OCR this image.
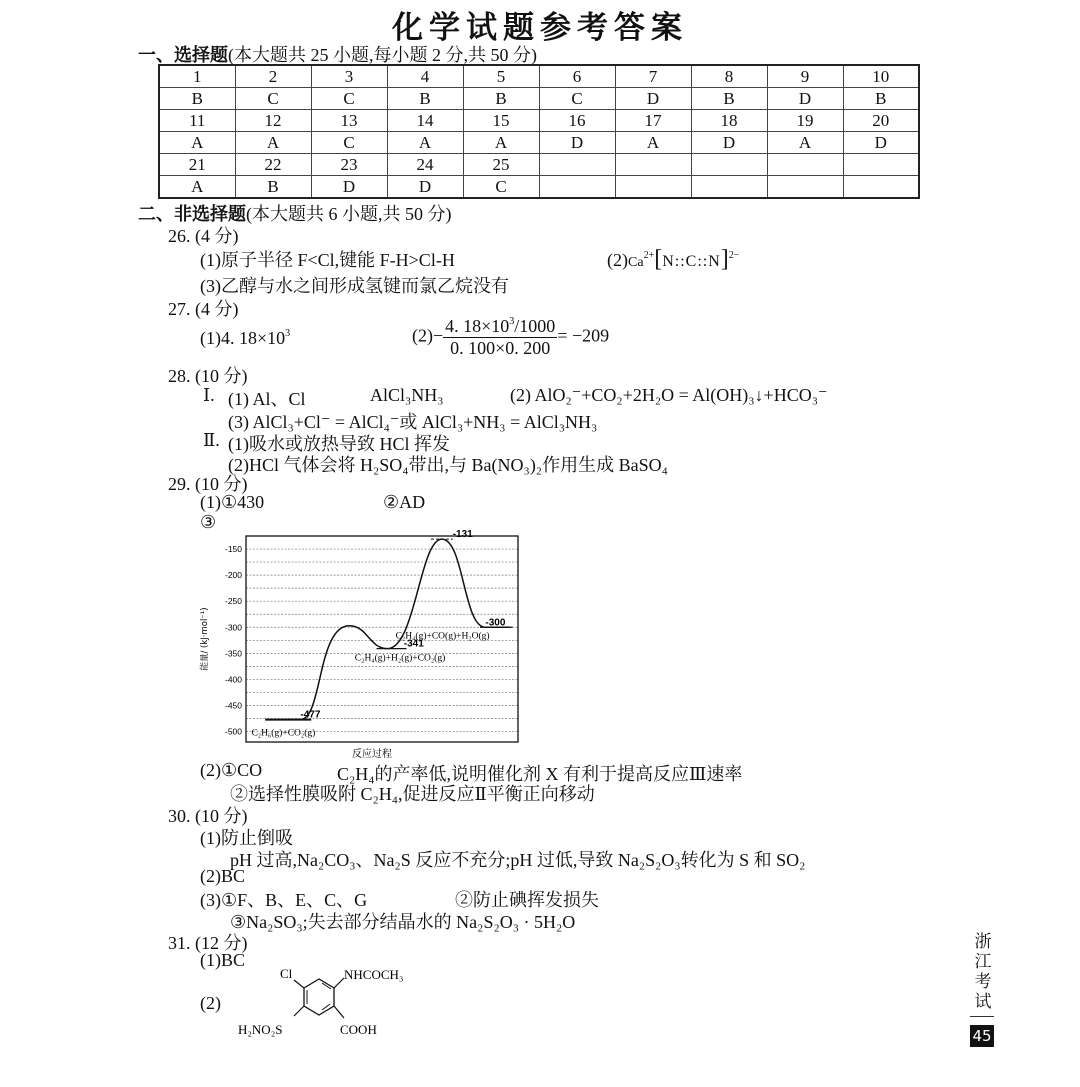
化学试题参考答案
一、选择题(本大题共 25 小题,每小题 2 分,共 50 分)
1	2	3	4	5	6	7	8	9	10
B	C	C	B	B	C	D	B	D	B
11	12	13	14	15	16	17	18	19	20
A	A	C	A	A	D	A	D	A	D
21	22	23	24	25					
A	B	D	D	C					
二、非选择题(本大题共 6 小题,共 50 分)
26. (4 分)
(1)原子半径 F<Cl,键能 F-H>Cl-H	$(2)Ca^{2+}[N::C::N]^{2-}$
(3)乙醇与水之间形成氢键而氯乙烷没有
27. (4 分)
(1)4. $18\times 10^3$	$(2)- \frac{4. 18\times 10^3/1000}{0. 100\times 0. 200} = -209$
28. (10 分)
Ⅰ. (1) Al、Cl	AlCl₃NH₃	(2) AlO₂⁻+CO₂+2H₂O = Al(OH)₃↓+HCO₃⁻
(3) AlCl₃+Cl⁻ = AlCl₄⁻或 AlCl₃+NH₃ = AlCl₃NH₃
Ⅱ. (1)吸水或放热导致 HCl 挥发
(2)HCl 气体会将 H₂SO₄带出,与 Ba(NO₃)₂作用生成 BaSO₄
29. (10 分)
(1)①430	②AD
③
-150
-200
-250
-300
-350
-400
-450
-500
能量/ (kJ·mol⁻¹)
反应过程
-477
C₂H₆(g)+CO₂(g)
-341
C₂H₄(g)+H₂(g)+CO₂(g)
-131
-300
C₂H₄(g)+CO(g)+H₂O(g)
(2)①CO	C₂H₄的产率低,说明催化剂 X 有利于提高反应Ⅲ速率
②选择性膜吸附 C₂H₄,促进反应Ⅱ平衡正向移动
30. (10 分)
(1)防止倒吸
pH 过高,Na₂CO₃、Na₂S 反应不充分;pH 过低,导致 Na₂S₂O₃转化为 S 和 SO₂
(2)BC
(3)①F、B、E、C、G	②防止碘挥发损失
③Na₂SO₃;失去部分结晶水的 Na₂S₂O₃ · 5H₂O
31. (12 分)
(1)BC
(2)
Cl	NHCOCH₃
H₂NO₂S	COOH
浙江考试
45
